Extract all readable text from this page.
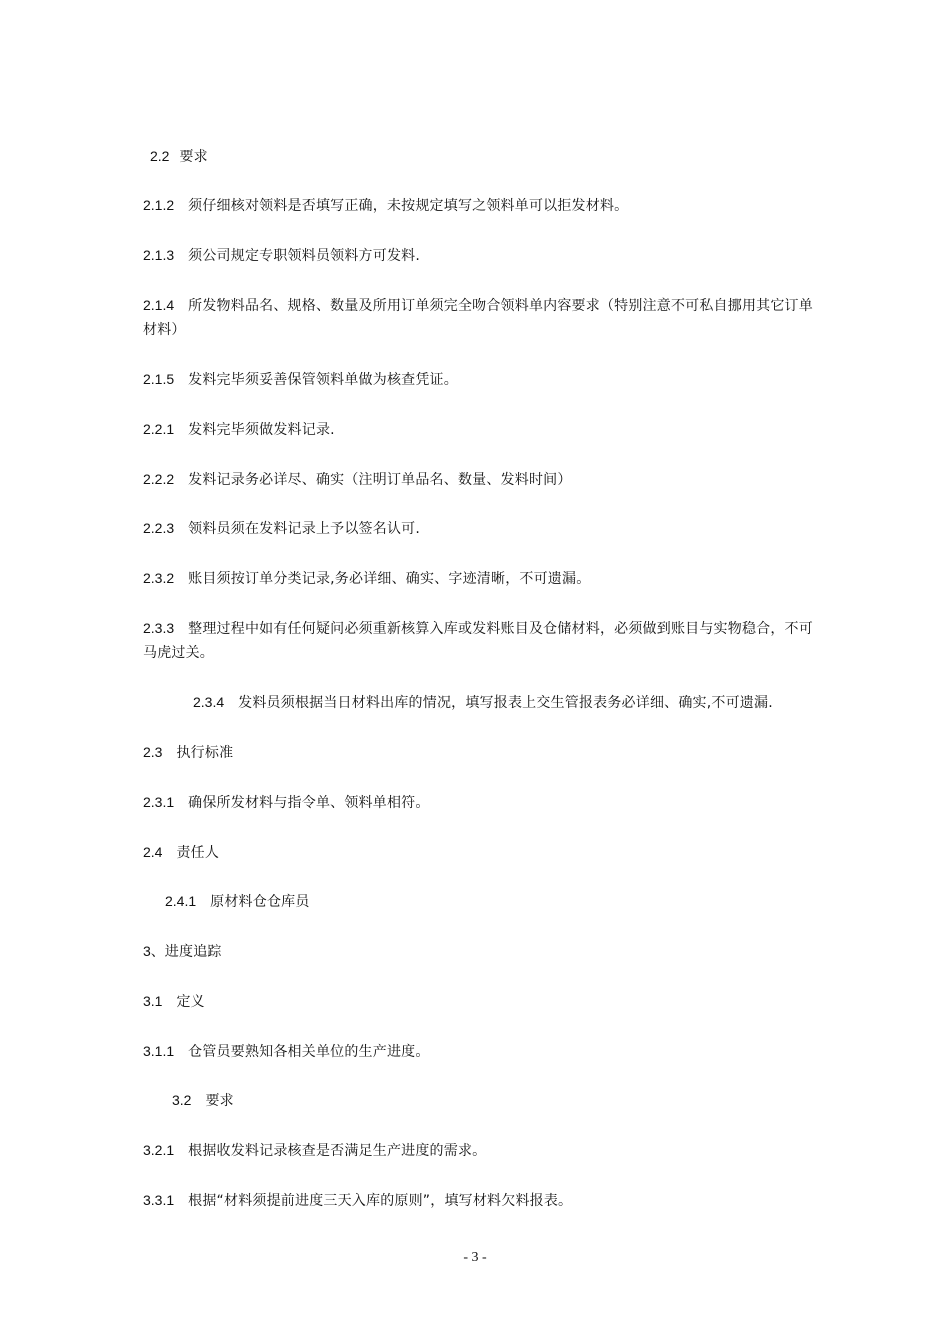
2.2 要求
2.1.2 须仔细核对领料是否填写正确，未按规定填写之领料单可以拒发材料。
2.1.3 须公司规定专职领料员领料方可发料.
2.1.4 所发物料品名、规格、数量及所用订单须完全吻合领料单内容要求（特别注意不可私自挪用其它订单材料）
2.1.5 发料完毕须妥善保管领料单做为核查凭证。
2.2.1 发料完毕须做发料记录.
2.2.2 发料记录务必详尽、确实（注明订单品名、数量、发料时间）
2.2.3 领料员须在发料记录上予以签名认可.
2.3.2 账目须按订单分类记录,务必详细、确实、字迹清晰，不可遗漏。
2.3.3 整理过程中如有任何疑问必须重新核算入库或发料账目及仓储材料，必须做到账目与实物稳合，不可马虎过关。
2.3.4 发料员须根据当日材料出库的情况，填写报表上交生管报表务必详细、确实,不可遗漏.
2.3 执行标准
2.3.1 确保所发材料与指令单、领料单相符。
2.4 责任人
2.4.1 原材料仓仓库员
3、进度追踪
3.1 定义
3.1.1 仓管员要熟知各相关单位的生产进度。
3.2 要求
3.2.1 根据收发料记录核查是否满足生产进度的需求。
3.3.1 根据“材料须提前进度三天入库的原则”，填写材料欠料报表。
- 3 -
